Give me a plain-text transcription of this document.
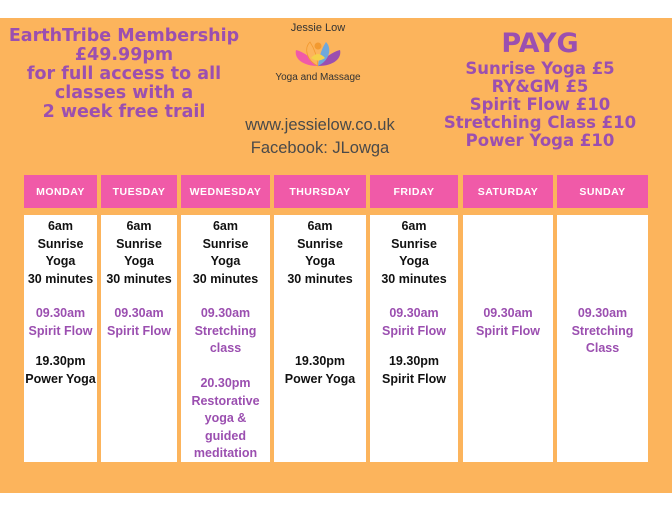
EarthTribe Membership
£49.99pm
for full access to all
classes with a
2 week free trail
Jessie Low
Yoga and Massage
www.jessielow.co.uk
Facebook: JLowga
PAYG
Sunrise Yoga £5
RY&GM £5
Spirit Flow £10
Stretching Class £10
Power Yoga £10
MONDAY
6am
Sunrise
Yoga
30 minutes
09.30am
Spirit Flow
19.30pm
Power Yoga
TUESDAY
6am
Sunrise
Yoga
30 minutes
09.30am
Spirit Flow
WEDNESDAY
6am
Sunrise
Yoga
30 minutes
09.30am
Stretching
class
20.30pm
Restorative
yoga &
guided
meditation
THURSDAY
6am
Sunrise
Yoga
30 minutes
19.30pm
Power Yoga
FRIDAY
6am
Sunrise
Yoga
30 minutes
09.30am
Spirit Flow
19.30pm
Spirit Flow
SATURDAY
09.30am
Spirit Flow
SUNDAY
09.30am
Stretching
Class
